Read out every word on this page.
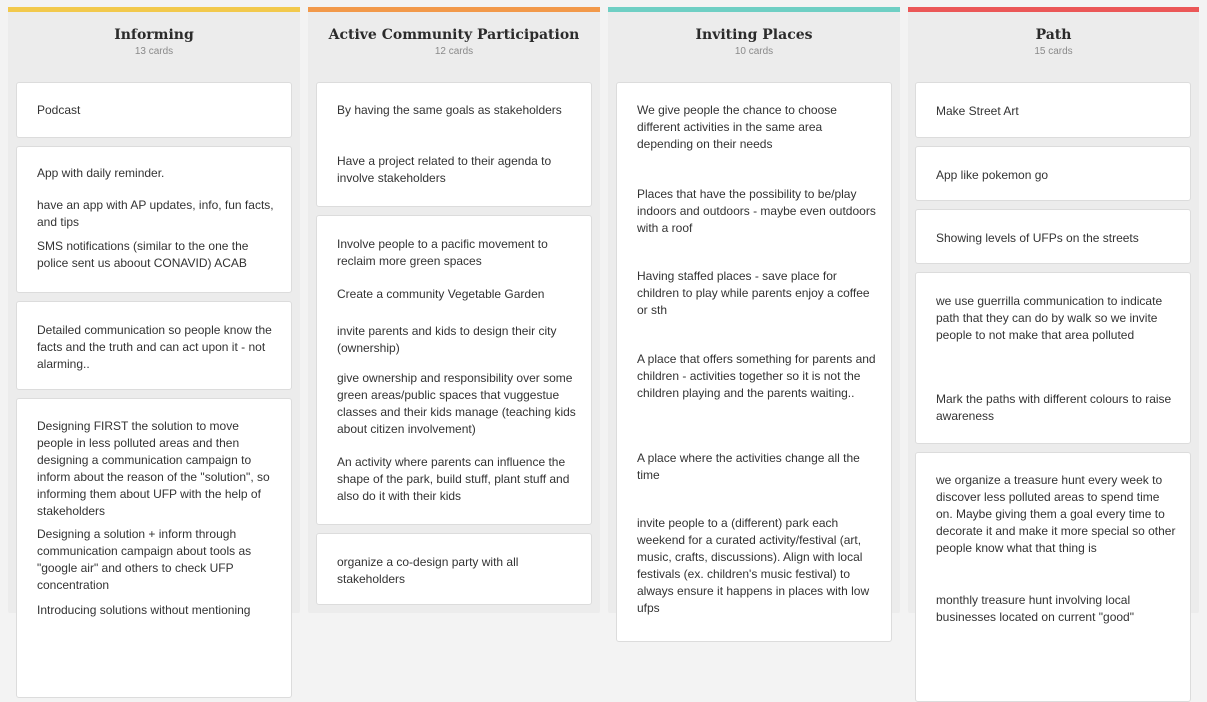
Informing
13 cards

Podcast

App with daily reminder.

have an app with AP updates, info, fun facts, and tips

SMS notifications (similar to the one the police sent us aboout CONAVID) ACAB

Detailed communication so people know the facts and the truth and can act upon it - not alarming..

Designing FIRST the solution to move people in less polluted areas and then designing a communication campaign to inform about the reason of the "solution", so informing them about UFP with the help of stakeholders

Designing a solution + inform through communication campaign about tools as "google air" and others to check UFP concentration

Introducing solutions without mentioning

Active Community Participation
12 cards

By having the same goals as stakeholders

Have a project related to their agenda to involve stakeholders

Involve people to a pacific movement to reclaim more green spaces

Create a community Vegetable Garden

invite parents and kids to design their city (ownership)

give ownership and responsibility over some green areas/public spaces that vuggestue classes and their kids manage (teaching kids about citizen involvement)

An activity where parents can influence the shape of the park, build stuff, plant stuff and also do it with their kids

organize a co-design party with all stakeholders

Inviting Places
10 cards

We give people the chance to choose different activities in the same area depending on their needs

Places that have the possibility to be/play indoors and outdoors - maybe even outdoors with a roof

Having staffed places - save place for children to play while parents enjoy a coffee or sth

A place that offers something for parents and children - activities together so it is not the children playing and the parents waiting..

A place where the activities change all the time

invite people to a (different) park each weekend for a curated activity/festival (art, music, crafts, discussions). Align with local festivals (ex. children's music festival) to always ensure it happens in places with low ufps

Path
15 cards

Make Street Art

App like pokemon go

Showing levels of UFPs on the streets

we use guerrilla communication to indicate path that they can do by walk so we invite people to not make that area polluted

Mark the paths with different colours to raise awareness

we organize a treasure hunt every week to discover less polluted areas to spend time on. Maybe giving them a goal every time to decorate it and make it more special so other people know what that thing is

monthly treasure hunt involving local businesses located on current "good"
